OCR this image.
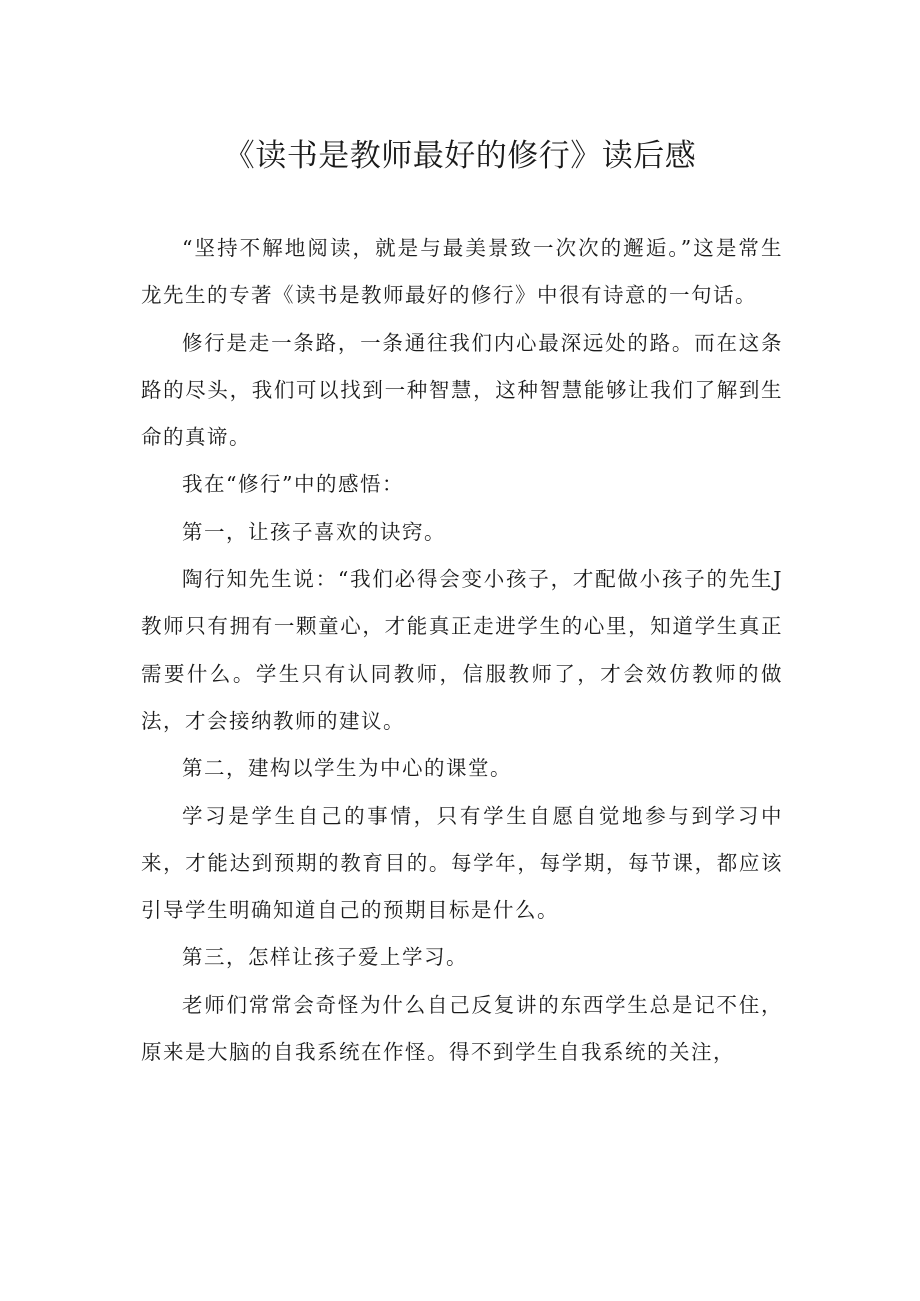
《读书是教师最好的修行》读后感

“坚持不解地阅读，就是与最美景致一次次的邂逅。”这是常生龙先生的专著《读书是教师最好的修行》中很有诗意的一句话。

修行是走一条路，一条通往我们内心最深远处的路。而在这条路的尽头，我们可以找到一种智慧，这种智慧能够让我们了解到生命的真谛。

我在“修行”中的感悟：

第一，让孩子喜欢的诀窍。

陶行知先生说：“我们必得会变小孩子，才配做小孩子的先生J教师只有拥有一颗童心，才能真正走进学生的心里，知道学生真正需要什么。学生只有认同教师，信服教师了，才会效仿教师的做法，才会接纳教师的建议。

第二，建构以学生为中心的课堂。

学习是学生自己的事情，只有学生自愿自觉地参与到学习中来，才能达到预期的教育目的。每学年，每学期，每节课，都应该引导学生明确知道自己的预期目标是什么。

第三，怎样让孩子爱上学习。

老师们常常会奇怪为什么自己反复讲的东西学生总是记不住，原来是大脑的自我系统在作怪。得不到学生自我系统的关注，
